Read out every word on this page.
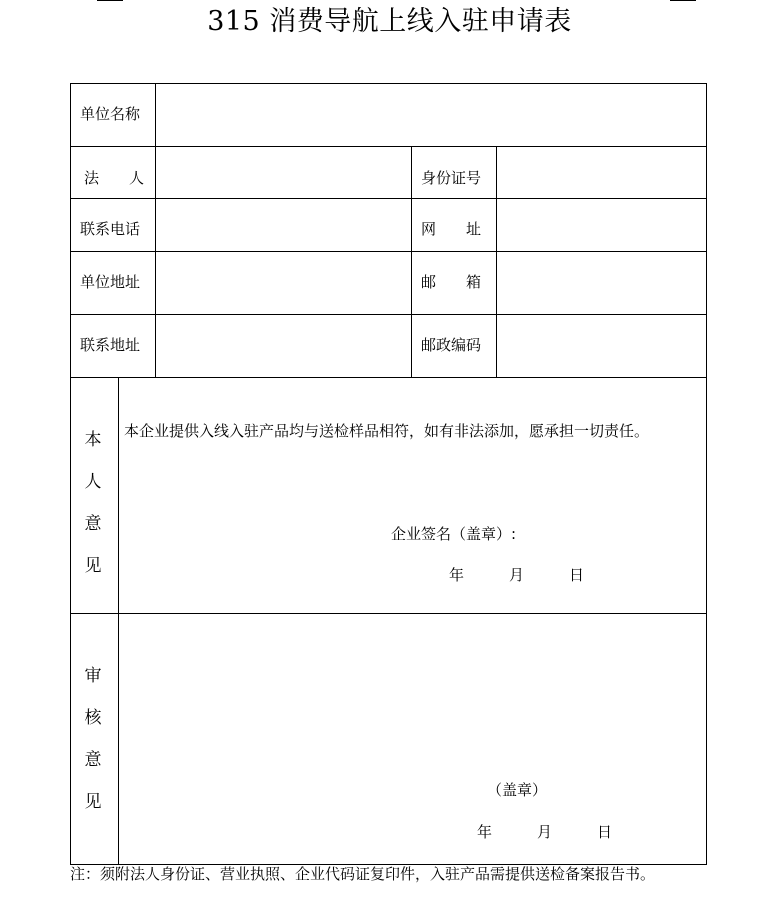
315 消费导航上线入驻申请表
单位名称
法　　人	身份证号
联系电话	网　　址
单位地址	邮　　箱
联系地址	邮政编码
本
人
意
见
本企业提供入线入驻产品均与送检样品相符，如有非法添加，愿承担一切责任。
企业签名（盖章）:
年　　　月　　　日
审
核
意
见
（盖章）
年　　　月　　　日
注：须附法人身份证、营业执照、企业代码证复印件，入驻产品需提供送检备案报告书。
